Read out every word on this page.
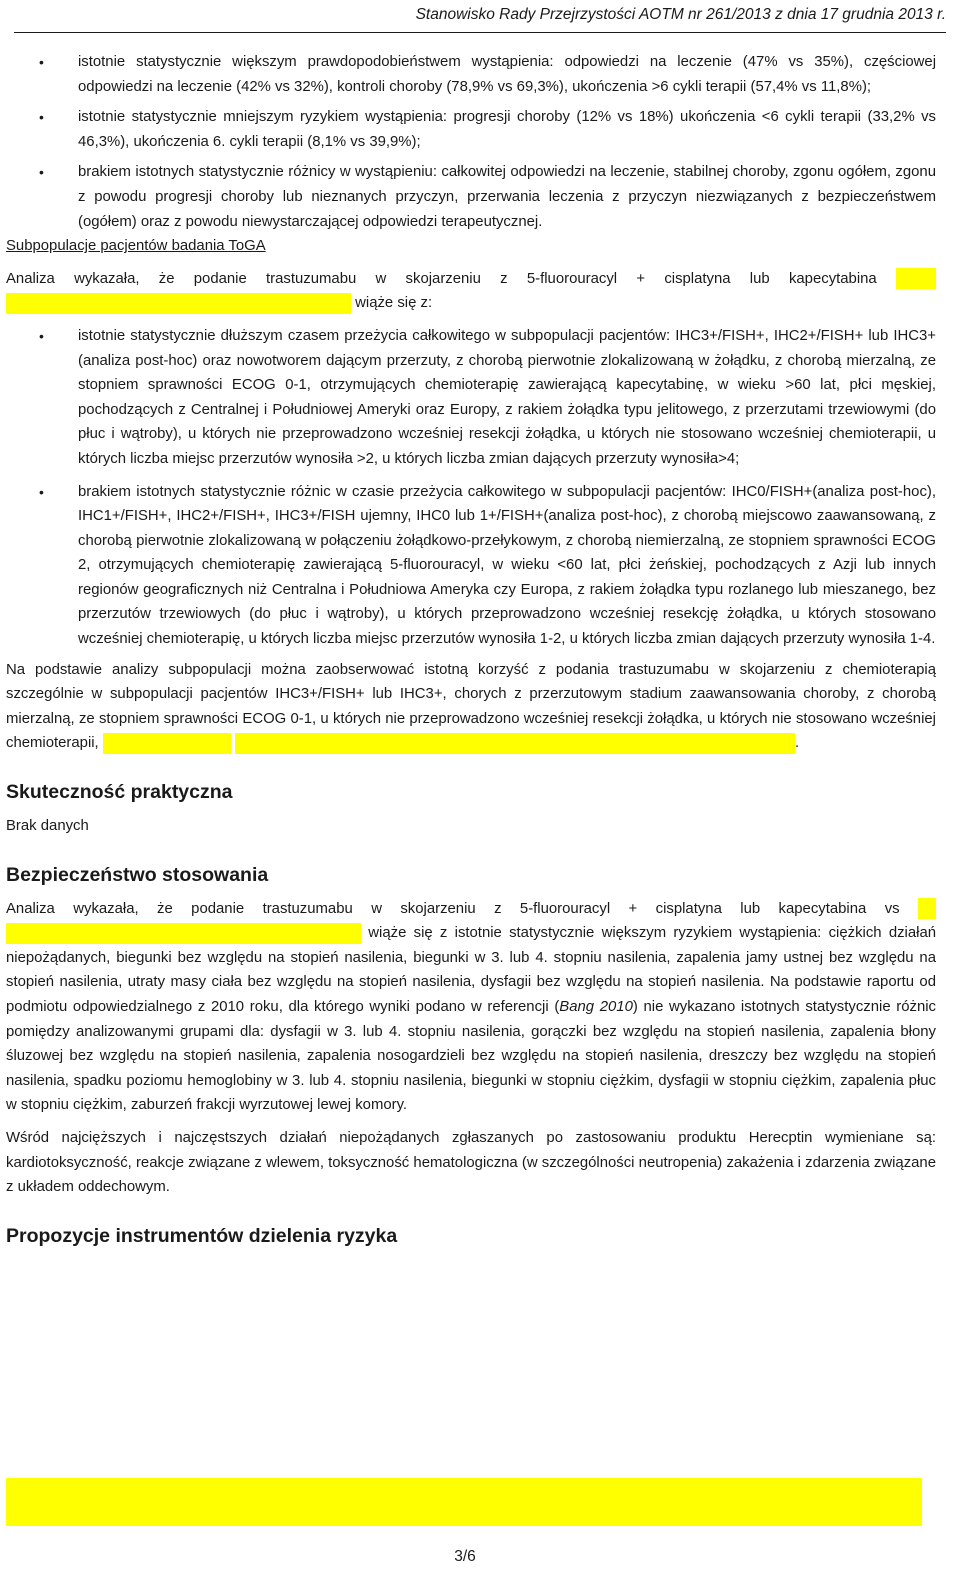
Stanowisko Rady Przejrzystości AOTM nr 261/2013 z dnia 17 grudnia 2013 r.
• istotnie statystycznie większym prawdopodobieństwem wystąpienia: odpowiedzi na leczenie (47% vs 35%), częściowej odpowiedzi na leczenie (42% vs 32%), kontroli choroby (78,9% vs 69,3%), ukończenia >6 cykli terapii (57,4% vs 11,8%);
• istotnie statystycznie mniejszym ryzykiem wystąpienia: progresji choroby (12% vs 18%) ukończenia <6 cykli terapii (33,2% vs 46,3%), ukończenia 6. cykli terapii (8,1% vs 39,9%);
• brakiem istotnych statystycznie różnicy w wystąpieniu: całkowitej odpowiedzi na leczenie, stabilnej choroby, zgonu ogółem, zgonu z powodu progresji choroby lub nieznanych przyczyn, przerwania leczenia z przyczyn niezwiązanych z bezpieczeństwem (ogółem) oraz z powodu niewystarczającej odpowiedzi terapeutycznej.

Subpopulacje pacjentów badania ToGA

Analiza wykazała, że podanie trastuzumabu w skojarzeniu z 5-fluorouracyl + cisplatyna lub kapecytabina   wiąże się z:

• istotnie statystycznie dłuższym czasem przeżycia całkowitego w subpopulacji pacjentów: IHC3+/FISH+, IHC2+/FISH+ lub IHC3+ (analiza post-hoc) oraz nowotworem dającym przerzuty, z chorobą pierwotnie zlokalizowaną w żołądku, z chorobą mierzalną, ze stopniem sprawności ECOG 0-1, otrzymujących chemioterapię zawierającą kapecytabinę, w wieku >60 lat, płci męskiej, pochodzących z Centralnej i Południowej Ameryki oraz Europy, z rakiem żołądka typu jelitowego, z przerzutami trzewiowymi (do płuc i wątroby), u których nie przeprowadzono wcześniej resekcji żołądka, u których nie stosowano wcześniej chemioterapii, u których liczba miejsc przerzutów wynosiła >2, u których liczba zmian dających przerzuty wynosiła>4;
• brakiem istotnych statystycznie różnic w czasie przeżycia całkowitego w subpopulacji pacjentów: IHC0/FISH+(analiza post-hoc), IHC1+/FISH+, IHC2+/FISH+, IHC3+/FISH ujemny, IHC0 lub 1+/FISH+(analiza post-hoc), z chorobą miejscowo zaawansowaną, z chorobą pierwotnie zlokalizowaną w połączeniu żołądkowo-przełykowym, z chorobą niemierzalną, ze stopniem sprawności ECOG 2, otrzymujących chemioterapię zawierającą 5-fluorouracyl, w wieku <60 lat, płci żeńskiej, pochodzących z Azji lub innych regionów geograficznych niż Centralna i Południowa Ameryka czy Europa, z rakiem żołądka typu rozlanego lub mieszanego, bez przerzutów trzewiowych (do płuc i wątroby), u których przeprowadzono wcześniej resekcję żołądka, u których stosowano wcześniej chemioterapię, u których liczba miejsc przerzutów wynosiła 1-2, u których liczba zmian dających przerzuty wynosiła 1-4.

Na podstawie analizy subpopulacji można zaobserwować istotną korzyść z podania trastuzumabu w skojarzeniu z chemioterapią szczególnie w subpopulacji pacjentów IHC3+/FISH+ lub IHC3+, chorych z przerzutowym stadium zaawansowania choroby, z chorobą mierzalną, ze stopniem sprawności ECOG 0-1, u których nie przeprowadzono wcześniej resekcji żołądka, u których nie stosowano wcześniej chemioterapii,	.

Skuteczność praktyczna

Brak danych

Bezpieczeństwo stosowania

Analiza wykazała, że podanie trastuzumabu w skojarzeniu z 5-fluorouracyl + cisplatyna lub kapecytabina vs   wiąże się z istotnie statystycznie większym ryzykiem wystąpienia: ciężkich działań niepożądanych, biegunki bez względu na stopień nasilenia, biegunki w 3. lub 4. stopniu nasilenia, zapalenia jamy ustnej bez względu na stopień nasilenia, utraty masy ciała bez względu na stopień nasilenia, dysfagii bez względu na stopień nasilenia. Na podstawie raportu od podmiotu odpowiedzialnego z 2010 roku, dla którego wyniki podano w referencji (Bang 2010) nie wykazano istotnych statystycznie różnic pomiędzy analizowanymi grupami dla: dysfagii w 3. lub 4. stopniu nasilenia, gorączki bez względu na stopień nasilenia, zapalenia błony śluzowej bez względu na stopień nasilenia, zapalenia nosogardzieli bez względu na stopień nasilenia, dreszczy bez względu na stopień nasilenia, spadku poziomu hemoglobiny w 3. lub 4. stopniu nasilenia, biegunki w stopniu ciężkim, dysfagii w stopniu ciężkim, zapalenia płuc w stopniu ciężkim, zaburzeń frakcji wyrzutowej lewej komory.

Wśród najcięższych i najczęstszych działań niepożądanych zgłaszanych po zastosowaniu produktu Herecptin wymieniane są: kardiotoksyczność, reakcje związane z wlewem, toksyczność hematologiczna (w szczególności neutropenia) zakażenia i zdarzenia związane z układem oddechowym.

Propozycje instrumentów dzielenia ryzyka
3/6
